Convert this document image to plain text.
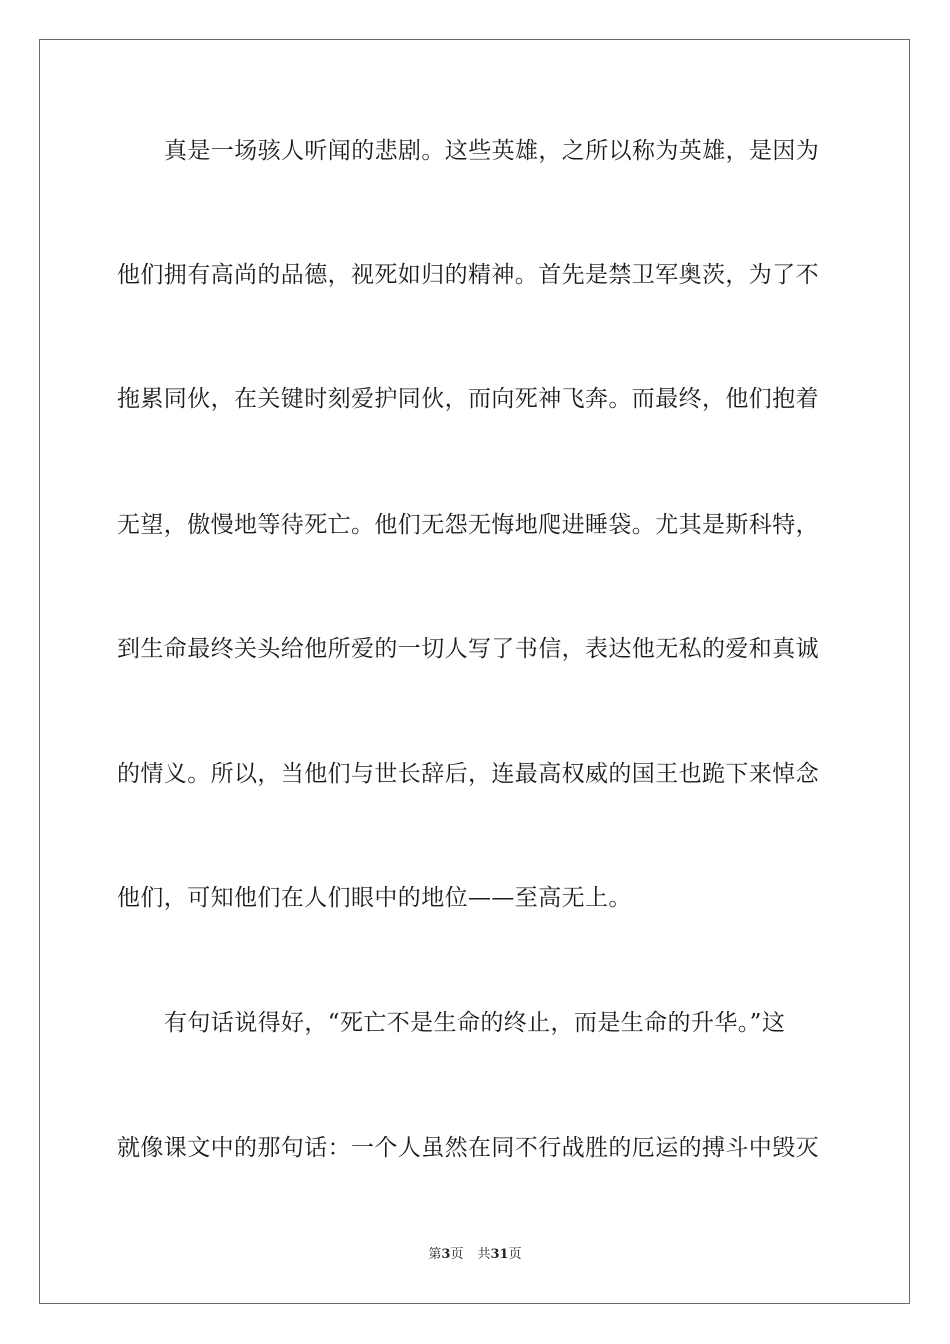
真是一场骇人听闻的悲剧。这些英雄，之所以称为英雄，是因为
他们拥有高尚的品德，视死如归的精神。首先是禁卫军奥茨，为了不
拖累同伙，在关键时刻爱护同伙，而向死神飞奔。而最终，他们抱着
无望，傲慢地等待死亡。他们无怨无悔地爬进睡袋。尤其是斯科特，
到生命最终关头给他所爱的一切人写了书信，表达他无私的爱和真诚
的情义。所以，当他们与世长辞后，连最高权威的国王也跪下来悼念
他们，可知他们在人们眼中的地位——至高无上。
有句话说得好，“死亡不是生命的终止，而是生命的升华。”这
就像课文中的那句话：一个人虽然在同不行战胜的厄运的搏斗中毁灭
第3页 共31页
